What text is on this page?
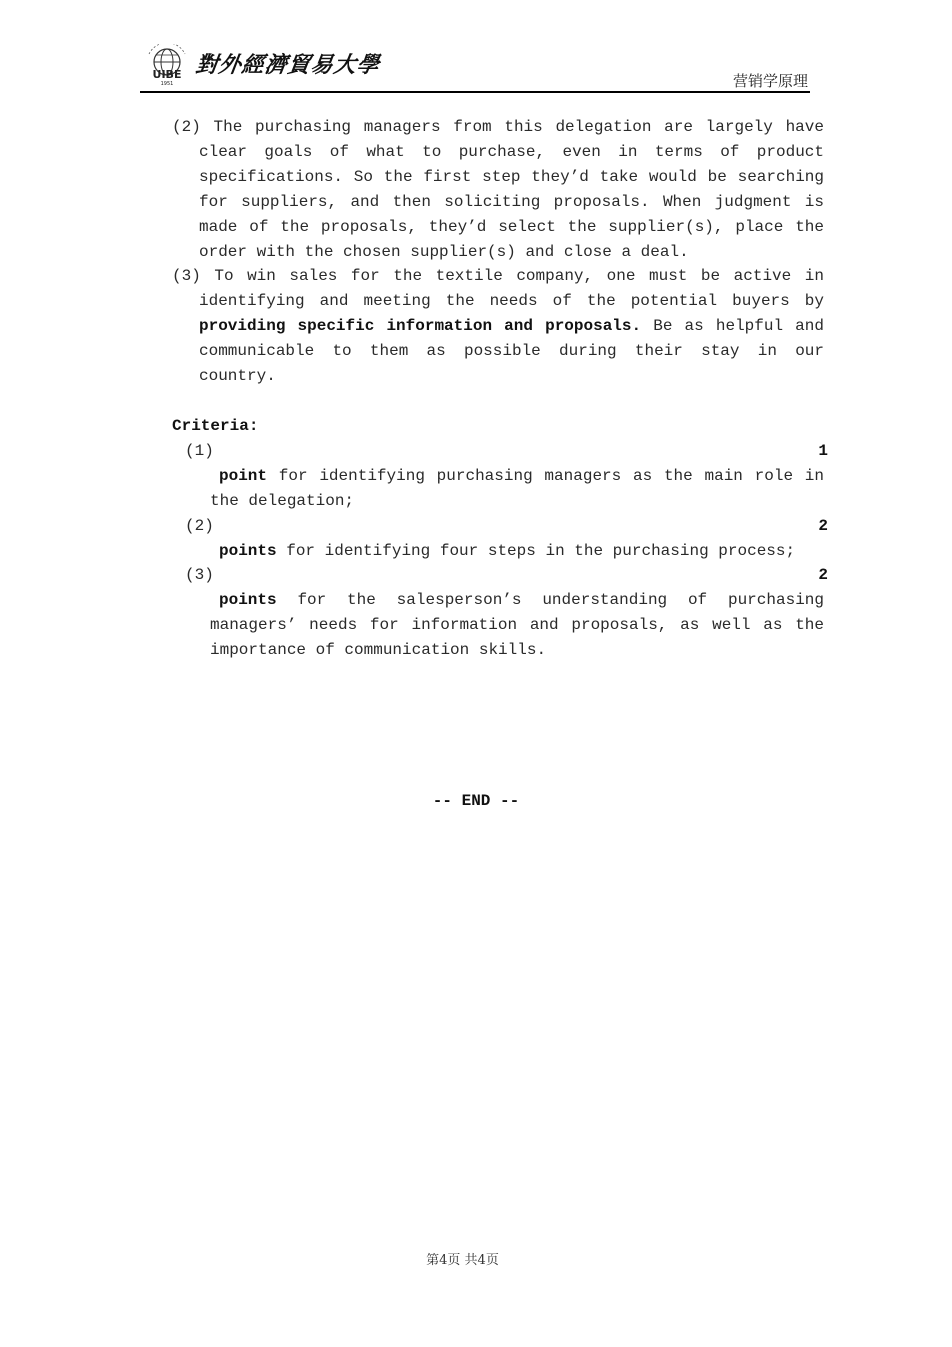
UIBE
1951
對外經濟貿易大學
营销学原理

(2) The purchasing managers from this delegation are largely have clear goals of what to purchase, even in terms of product specifications. So the first step they’d take would be searching for suppliers, and then soliciting proposals. When judgment is made of the proposals, they’d select the supplier(s), place the order with the chosen supplier(s) and close a deal.

(3) To win sales for the textile company, one must be active in identifying and meeting the needs of the potential buyers by providing specific information and proposals. Be as helpful and communicable to them as possible during their stay in our country.

Criteria:

(1)	1
point for identifying purchasing managers as the main role in the delegation;
(2)	2
points for identifying four steps in the purchasing process;
(3)	2
points for the salesperson’s understanding of purchasing managers’ needs for information and proposals, as well as the importance of communication skills.
-- END --
第4页 共4页
